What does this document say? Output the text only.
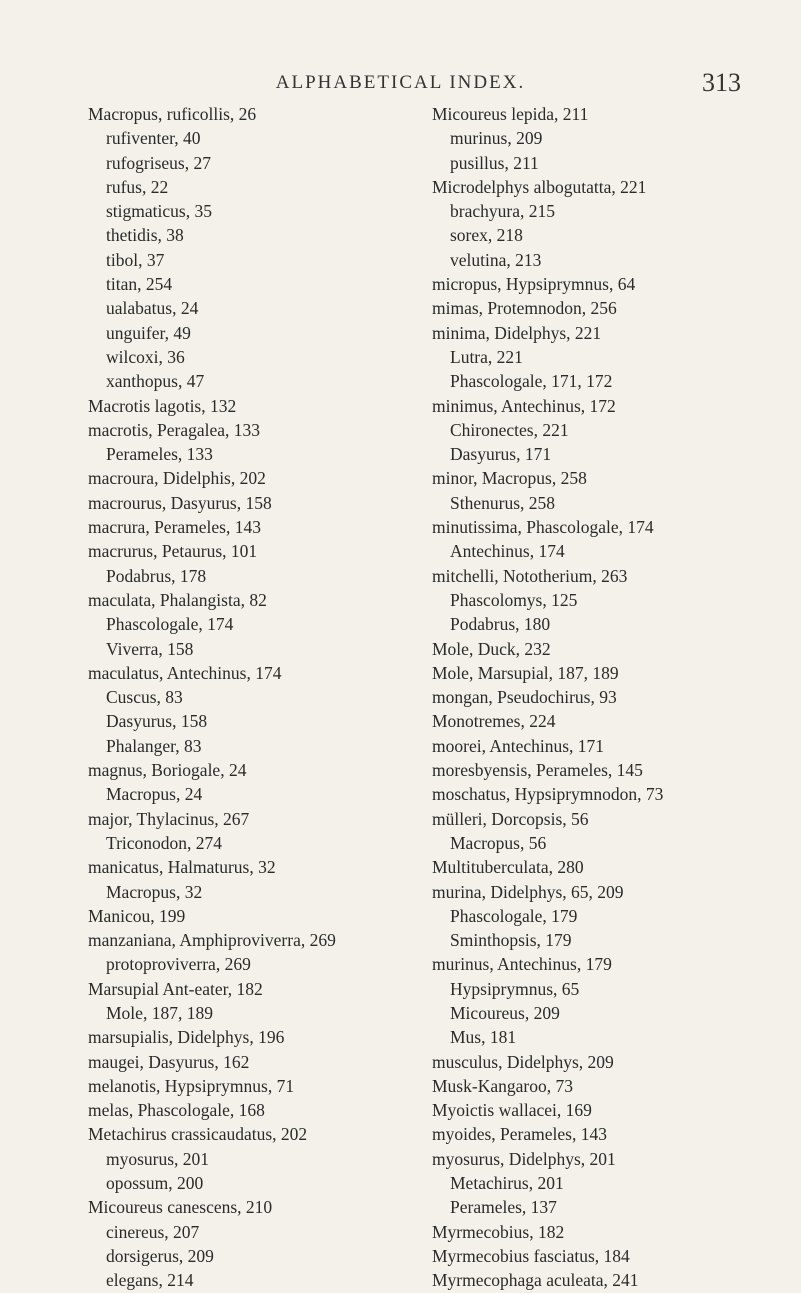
ALPHABETICAL INDEX.	313
Macropus, ruficollis, 26
rufiventer, 40
rufogriseus, 27
rufus, 22
stigmaticus, 35
thetidis, 38
tibol, 37
titan, 254
ualabatus, 24
unguifer, 49
wilcoxi, 36
xanthopus, 47
Macrotis lagotis, 132
macrotis, Peragalea, 133
Perameles, 133
macroura, Didelphis, 202
macrourus, Dasyurus, 158
macrura, Perameles, 143
macrurus, Petaurus, 101
Podabrus, 178
maculata, Phalangista, 82
Phascologale, 174
Viverra, 158
maculatus, Antechinus, 174
Cuscus, 83
Dasyurus, 158
Phalanger, 83
magnus, Boriogale, 24
Macropus, 24
major, Thylacinus, 267
Triconodon, 274
manicatus, Halmaturus, 32
Macropus, 32
Manicou, 199
manzaniana, Amphiproviverra, 269
protoproviverra, 269
Marsupial Ant-eater, 182
Mole, 187, 189
marsupialis, Didelphys, 196
maugei, Dasyurus, 162
melanotis, Hypsiprymnus, 71
melas, Phascologale, 168
Metachirus crassicaudatus, 202
myosurus, 201
opossum, 200
Micoureus canescens, 210
cinereus, 207
dorsigerus, 209
elegans, 214
Micoureus lepida, 211
murinus, 209
pusillus, 211
Microdelphys albogutatta, 221
brachyura, 215
sorex, 218
velutina, 213
micropus, Hypsiprymnus, 64
mimas, Protemnodon, 256
minima, Didelphys, 221
Lutra, 221
Phascologale, 171, 172
minimus, Antechinus, 172
Chironectes, 221
Dasyurus, 171
minor, Macropus, 258
Sthenurus, 258
minutissima, Phascologale, 174
Antechinus, 174
mitchelli, Nototherium, 263
Phascolomys, 125
Podabrus, 180
Mole, Duck, 232
Mole, Marsupial, 187, 189
mongan, Pseudochirus, 93
Monotremes, 224
moorei, Antechinus, 171
moresbyensis, Perameles, 145
moschatus, Hypsiprymnodon, 73
mülleri, Dorcopsis, 56
Macropus, 56
Multituberculata, 280
murina, Didelphys, 65, 209
Phascologale, 179
Sminthopsis, 179
murinus, Antechinus, 179
Hypsiprymnus, 65
Micoureus, 209
Mus, 181
musculus, Didelphys, 209
Musk-Kangaroo, 73
Myoictis wallacei, 169
myoides, Perameles, 143
myosurus, Didelphys, 201
Metachirus, 201
Perameles, 137
Myrmecobius, 182
Myrmecobius fasciatus, 184
Myrmecophaga aculeata, 241
